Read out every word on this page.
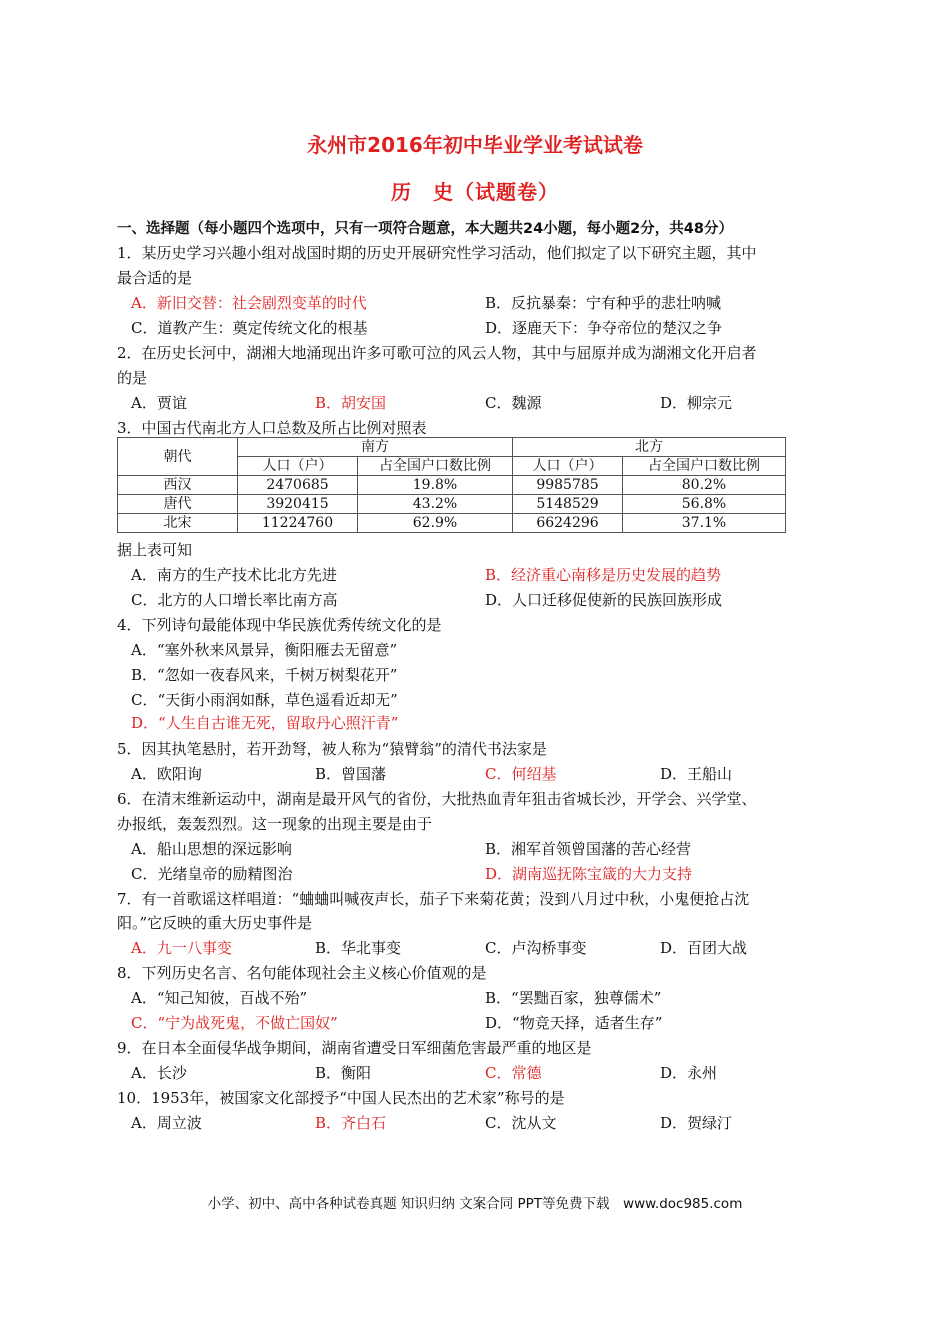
永州市2016年初中毕业学业考试试卷
历　史（试题卷）
一、选择题（每小题四个选项中，只有一项符合题意，本大题共24小题，每小题2分，共48分）
1．某历史学习兴趣小组对战国时期的历史开展研究性学习活动，他们拟定了以下研究主题，其中
最合适的是
A．新旧交替：社会剧烈变革的时代	B．反抗暴秦：宁有种乎的悲壮呐喊
C．道教产生：奠定传统文化的根基	D．逐鹿天下：争夺帝位的楚汉之争
2．在历史长河中，湖湘大地涌现出许多可歌可泣的风云人物，其中与屈原并成为湖湘文化开启者
的是
A．贾谊	B．胡安国	C．魏源	D．柳宗元
3．中国古代南北方人口总数及所占比例对照表
朝代	南方		北方	
	人口（户）	占全国户口数比例	人口（户）	占全国户口数比例
西汉	2470685	19.8%	9985785	80.2%
唐代	3920415	43.2%	5148529	56.8%
北宋	11224760	62.9%	6624296	37.1%
据上表可知
A．南方的生产技术比北方先进	B．经济重心南移是历史发展的趋势
C．北方的人口增长率比南方高	D．人口迁移促使新的民族回族形成
4．下列诗句最能体现中华民族优秀传统文化的是
A．“塞外秋来风景异，衡阳雁去无留意”
B．“忽如一夜春风来，千树万树梨花开”
C．“天街小雨润如酥，草色遥看近却无”
D．“人生自古谁无死，留取丹心照汗青”
5．因其执笔悬肘，若开劲弩，被人称为“猿臂翁”的清代书法家是
A．欧阳询	B．曾国藩	C．何绍基	D．王船山
6．在清末维新运动中，湖南是最开风气的省份，大批热血青年狙击省城长沙，开学会、兴学堂、
办报纸，轰轰烈烈。这一现象的出现主要是由于
A．船山思想的深远影响	B．湘军首领曾国藩的苦心经营
C．光绪皇帝的励精图治	D．湖南巡抚陈宝箴的大力支持
7．有一首歌谣这样唱道：“蛐蛐叫喊夜声长，茄子下来菊花黄；没到八月过中秋，小鬼便抢占沈
阳。”它反映的重大历史事件是
A．九一八事变	B．华北事变	C．卢沟桥事变	D．百团大战
8．下列历史名言、名句能体现社会主义核心价值观的是
A．“知己知彼，百战不殆”	B．“罢黜百家，独尊儒术”
C．“宁为战死鬼，不做亡国奴”	D．“物竞天择，适者生存”
9．在日本全面侵华战争期间，湖南省遭受日军细菌危害最严重的地区是
A．长沙	B．衡阳	C．常德	D．永州
10．1953年，被国家文化部授予“中国人民杰出的艺术家”称号的是
A．周立波	B．齐白石	C．沈从文	D．贺绿汀
小学、初中、高中各种试卷真题 知识归纳 文案合同 PPT等免费下载　www.doc985.com
